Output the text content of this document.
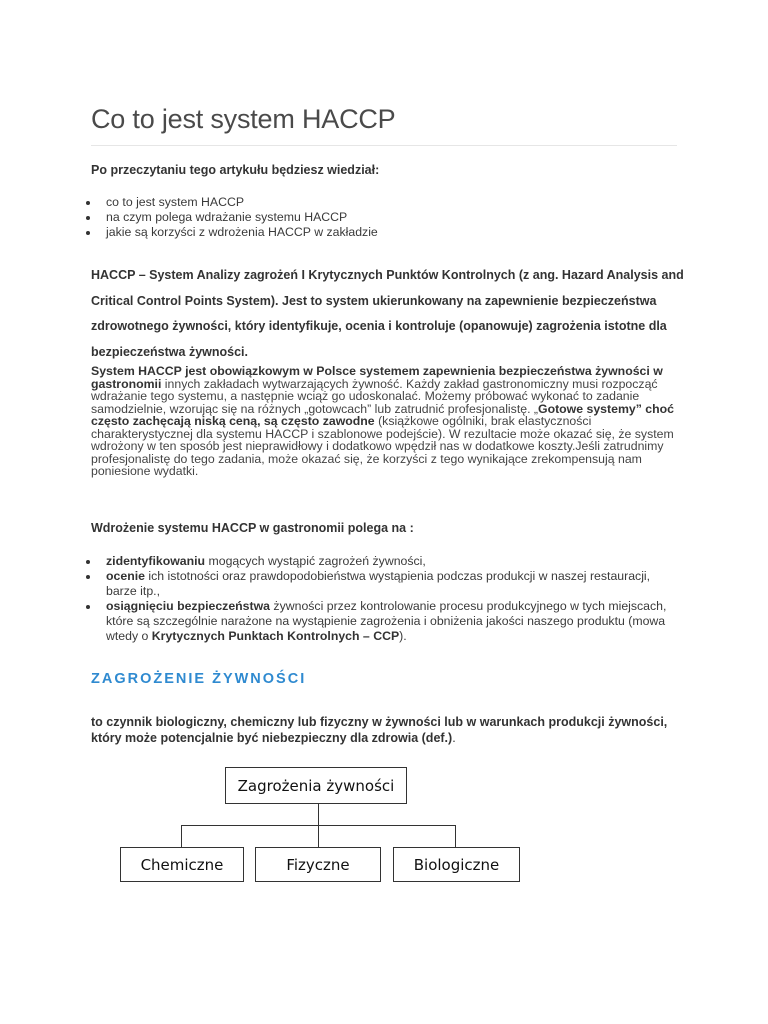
Co to jest system HACCP

Po przeczytaniu tego artykułu będziesz wiedział:

co to jest system HACCP
na czym polega wdrażanie systemu HACCP
jakie są korzyści z wdrożenia HACCP w zakładzie

HACCP – System Analizy zagrożeń I Krytycznych Punktów Kontrolnych (z ang. Hazard Analysis and Critical Control Points System). Jest to system ukierunkowany na zapewnienie bezpieczeństwa zdrowotnego żywności, który identyfikuje, ocenia i kontroluje (opanowuje) zagrożenia istotne dla bezpieczeństwa żywności.

System HACCP jest obowiązkowym w Polsce systemem zapewnienia bezpieczeństwa żywności w gastronomii innych zakładach wytwarzających żywność. Każdy zakład gastronomiczny musi rozpocząć wdrażanie tego systemu, a następnie wciąż go udoskonalać. Możemy próbować wykonać to zadanie samodzielnie, wzorując się na różnych „gotowcach” lub zatrudnić profesjonalistę. „Gotowe systemy” choć często zachęcają niską ceną, są często zawodne (książkowe ogólniki, brak elastyczności charakterystycznej dla systemu HACCP i szablonowe podejście). W rezultacie może okazać się, że system wdrożony w ten sposób jest nieprawidłowy i dodatkowo wpędził nas w dodatkowe koszty.Jeśli zatrudnimy profesjonalistę do tego zadania, może okazać się, że korzyści z tego wynikające zrekompensują nam poniesione wydatki.

Wdrożenie systemu HACCP w gastronomii polega na :

zidentyfikowaniu mogących wystąpić zagrożeń żywności,
ocenie ich istotności oraz prawdopodobieństwa wystąpienia podczas produkcji w naszej restauracji, barze itp.,
osiągnięciu bezpieczeństwa żywności przez kontrolowanie procesu produkcyjnego w tych miejscach, które są szczególnie narażone na wystąpienie zagrożenia i obniżenia jakości naszego produktu (mowa wtedy o Krytycznych Punktach Kontrolnych – CCP).
ZAGROŻENIE ŻYWNOŚCI

to czynnik biologiczny, chemiczny lub fizyczny w żywności lub w warunkach produkcji żywności, który może potencjalnie być niebezpieczny dla zdrowia (def.).

Zagrożenia żywności
Chemiczne	Fizyczne	Biologiczne
